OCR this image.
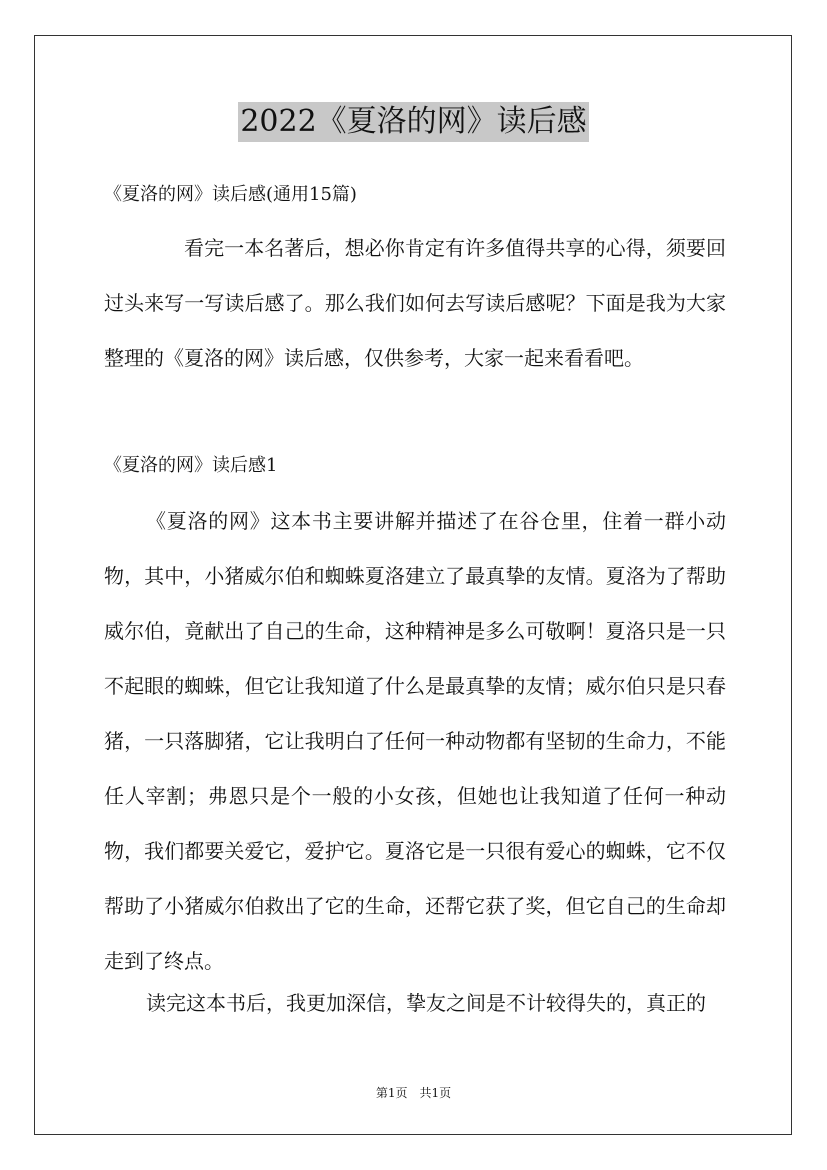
2022《夏洛的网》读后感
《夏洛的网》读后感(通用15篇)

看完一本名著后，想必你肯定有许多值得共享的心得，须要回过头来写一写读后感了。那么我们如何去写读后感呢？下面是我为大家整理的《夏洛的网》读后感，仅供参考，大家一起来看看吧。

《夏洛的网》读后感1

《夏洛的网》这本书主要讲解并描述了在谷仓里，住着一群小动物，其中，小猪威尔伯和蜘蛛夏洛建立了最真挚的友情。夏洛为了帮助威尔伯，竟献出了自己的生命，这种精神是多么可敬啊！夏洛只是一只不起眼的蜘蛛，但它让我知道了什么是最真挚的友情；威尔伯只是只春猪，一只落脚猪，它让我明白了任何一种动物都有坚韧的生命力，不能任人宰割；弗恩只是个一般的小女孩，但她也让我知道了任何一种动物，我们都要关爱它，爱护它。夏洛它是一只很有爱心的蜘蛛，它不仅帮助了小猪威尔伯救出了它的生命，还帮它获了奖，但它自己的生命却走到了终点。

读完这本书后，我更加深信，挚友之间是不计较得失的，真正的

第1页　共1页
